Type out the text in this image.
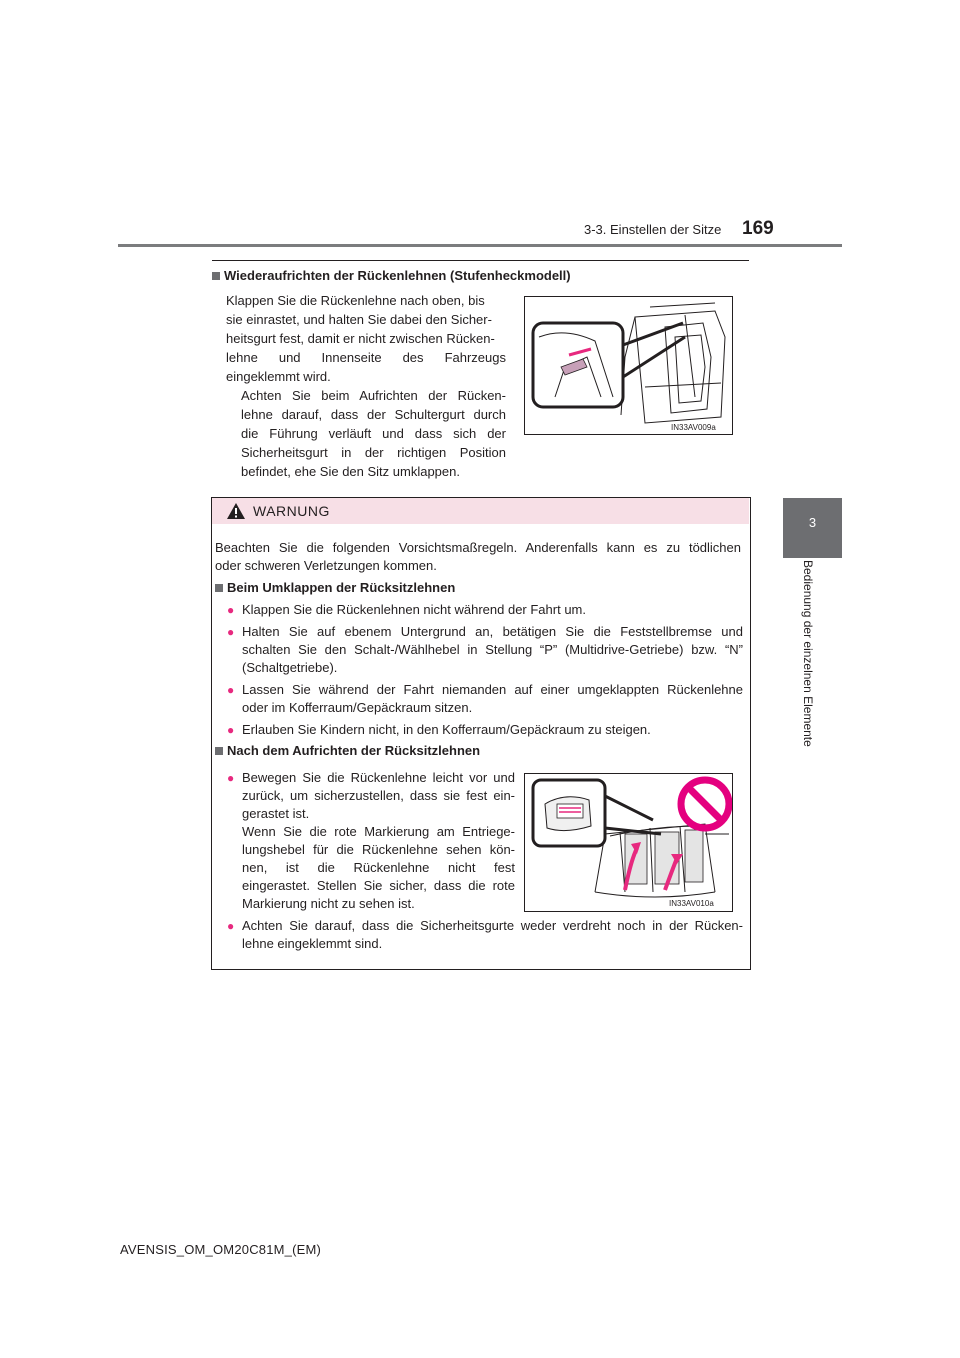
3-3. Einstellen der Sitze 169
3
Bedienung der einzelnen Elemente
Wiederaufrichten der Rückenlehnen (Stufenheckmodell)
Klappen Sie die Rückenlehne nach oben, bis
sie einrastet, und halten Sie dabei den Sicher-
heitsgurt fest, damit er nicht zwischen Rücken-
lehne und Innenseite des Fahrzeugs
eingeklemmt wird.
Achten Sie beim Aufrichten der Rücken-
lehne darauf, dass der Schultergurt durch
die Führung verläuft und dass sich der
Sicherheitsgurt in der richtigen Position
befindet, ehe Sie den Sitz umklappen.
IN33AV009a
WARNUNG
Beachten Sie die folgenden Vorsichtsmaßregeln. Anderenfalls kann es zu tödlichen
oder schweren Verletzungen kommen.
Beim Umklappen der Rücksitzlehnen
● Klappen Sie die Rückenlehnen nicht während der Fahrt um.
● Halten Sie auf ebenem Untergrund an, betätigen Sie die Feststellbremse und
schalten Sie den Schalt-/Wählhebel in Stellung “P” (Multidrive-Getriebe) bzw. “N”
(Schaltgetriebe).
● Lassen Sie während der Fahrt niemanden auf einer umgeklappten Rückenlehne
oder im Kofferraum/Gepäckraum sitzen.
● Erlauben Sie Kindern nicht, in den Kofferraum/Gepäckraum zu steigen.
Nach dem Aufrichten der Rücksitzlehnen
● Bewegen Sie die Rückenlehne leicht vor und
zurück, um sicherzustellen, dass sie fest ein-
gerastet ist.
Wenn Sie die rote Markierung am Entriege-
lungshebel für die Rückenlehne sehen kön-
nen, ist die Rückenlehne nicht fest
eingerastet. Stellen Sie sicher, dass die rote
Markierung nicht zu sehen ist.	IN33AV010a
● Achten Sie darauf, dass die Sicherheitsgurte weder verdreht noch in der Rücken-
lehne eingeklemmt sind.
AVENSIS_OM_OM20C81M_(EM)
